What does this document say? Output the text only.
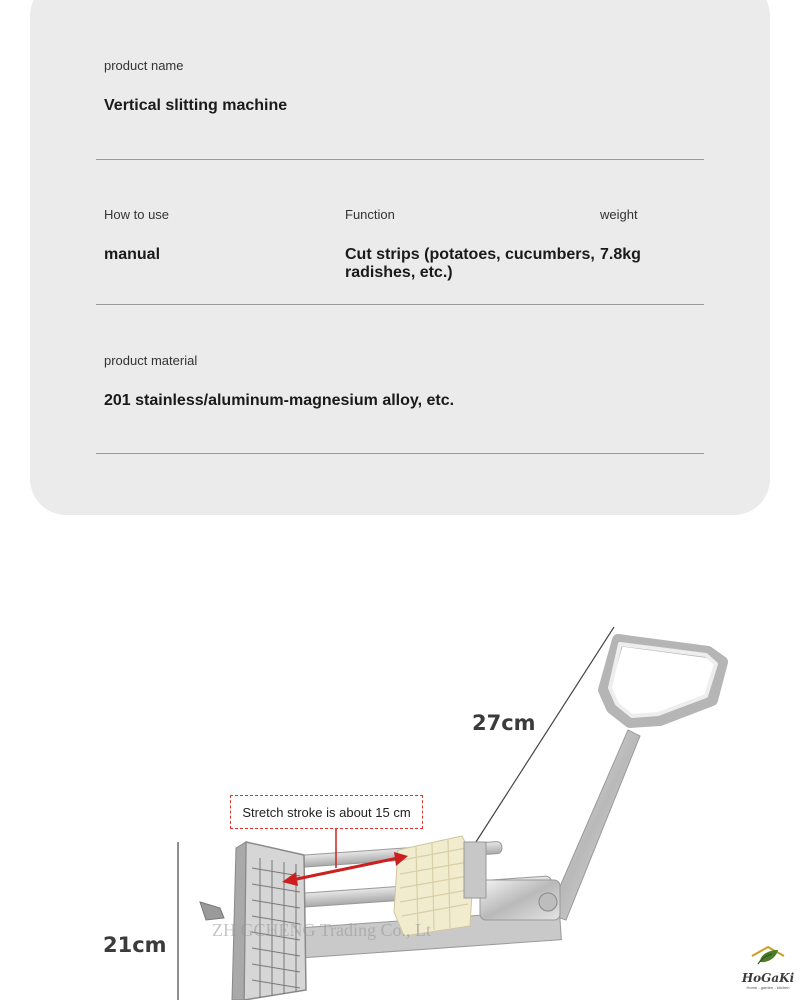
product name
Vertical slitting machine
How to use
manual
Function
Cut strips (potatoes, cucumbers,
radishes, etc.)
weight
7.8kg
product material
201 stainless/aluminum-magnesium alloy, etc.
27cm
21cm
Stretch stroke is about 15 cm
ZH GCHENG Trading Co., Lt
HoGaKi
Home - garden - kitchen
